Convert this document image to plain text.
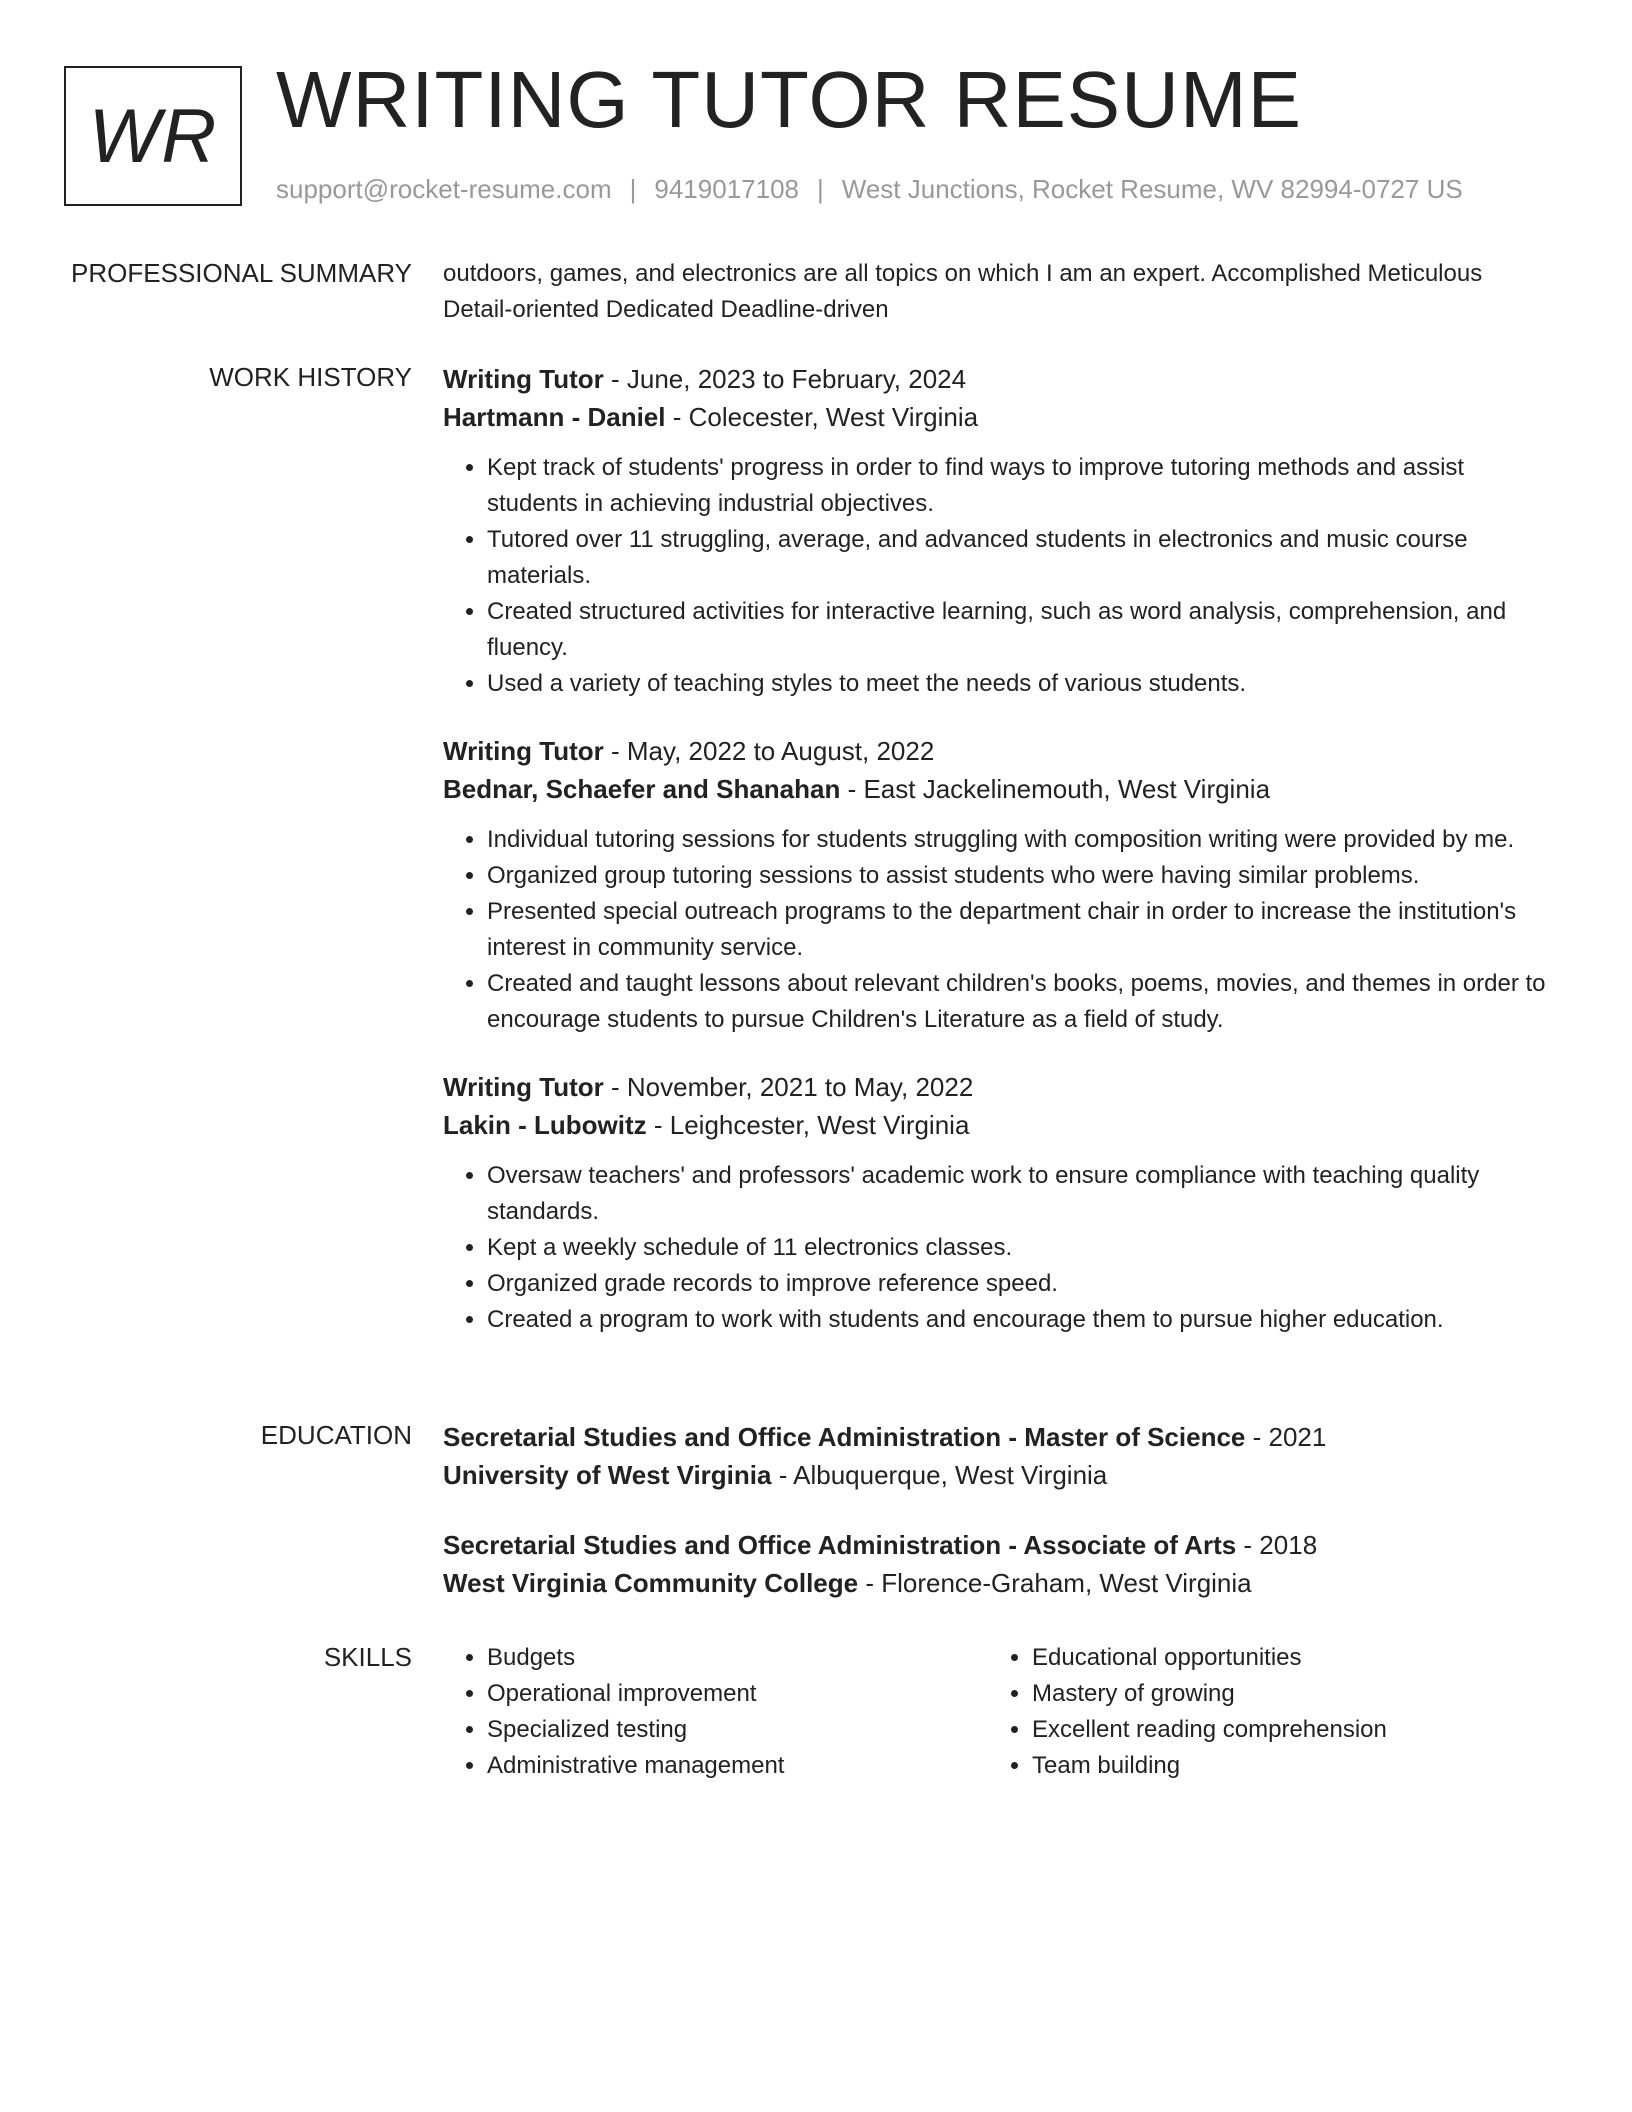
WR WRITING TUTOR RESUME
support@rocket-resume.com | 9419017108 | West Junctions, Rocket Resume, WV 82994-0727 US
PROFESSIONAL SUMMARY outdoors, games, and electronics are all topics on which I am an expert. Accomplished Meticulous Detail-oriented Dedicated Deadline-driven

WORK HISTORY Writing Tutor - June, 2023 to February, 2024

Hartmann - Daniel - Colecester, West Virginia

• Kept track of students' progress in order to find ways to improve tutoring methods and assist students in achieving industrial objectives.
• Tutored over 11 struggling, average, and advanced students in electronics and music course materials.
• Created structured activities for interactive learning, such as word analysis, comprehension, and fluency.
• Used a variety of teaching styles to meet the needs of various students.

Writing Tutor - May, 2022 to August, 2022

Bednar, Schaefer and Shanahan - East Jackelinemouth, West Virginia

• Individual tutoring sessions for students struggling with composition writing were provided by me.
• Organized group tutoring sessions to assist students who were having similar problems.
• Presented special outreach programs to the department chair in order to increase the institution's interest in community service.
• Created and taught lessons about relevant children's books, poems, movies, and themes in order to encourage students to pursue Children's Literature as a field of study.

Writing Tutor - November, 2021 to May, 2022

Lakin - Lubowitz - Leighcester, West Virginia

• Oversaw teachers' and professors' academic work to ensure compliance with teaching quality standards.
• Kept a weekly schedule of 11 electronics classes.
• Organized grade records to improve reference speed.
• Created a program to work with students and encourage them to pursue higher education.
EDUCATION Secretarial Studies and Office Administration - Master of Science - 2021

University of West Virginia - Albuquerque, West Virginia

Secretarial Studies and Office Administration - Associate of Arts - 2018

West Virginia Community College - Florence-Graham, West Virginia

SKILLS
•	Budgets
• Operational improvement
• Specialized testing
• Administrative management
• Educational opportunities
• Mastery of growing
• Excellent reading comprehension
• Team building
